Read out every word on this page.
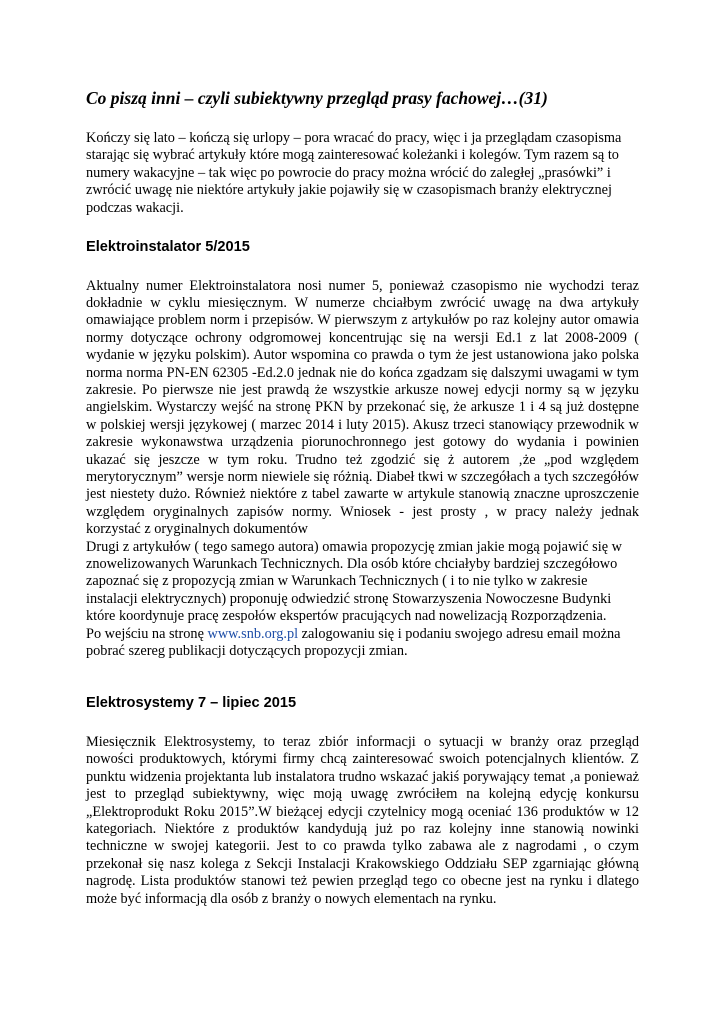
Co piszą inni – czyli subiektywny przegląd prasy fachowej…(31)

Kończy się lato – kończą się urlopy – pora wracać do pracy, więc i ja przeglądam czasopisma starając się wybrać artykuły które mogą zainteresować koleżanki i kolegów. Tym razem są to numery wakacyjne – tak więc po powrocie do pracy można wrócić do zaległej „prasówki” i zwrócić uwagę nie niektóre artykuły jakie pojawiły się w czasopismach branży elektrycznej podczas wakacji.

Elektroinstalator 5/2015

Aktualny numer Elektroinstalatora nosi numer 5, ponieważ czasopismo nie wychodzi teraz dokładnie w cyklu miesięcznym. W numerze chciałbym zwrócić uwagę na dwa artykuły omawiające problem norm i przepisów. W pierwszym z artykułów po raz kolejny autor omawia normy dotyczące ochrony odgromowej koncentrując się na wersji Ed.1 z lat 2008-2009 ( wydanie w języku polskim). Autor wspomina co prawda o tym że jest ustanowiona jako polska norma norma PN-EN 62305 -Ed.2.0 jednak nie do końca zgadzam się dalszymi uwagami w tym zakresie. Po pierwsze nie jest prawdą że wszystkie arkusze nowej edycji normy są w języku angielskim. Wystarczy wejść na stronę PKN by przekonać się, że arkusze 1 i 4 są już dostępne w polskiej wersji językowej ( marzec 2014 i luty 2015). Akusz trzeci stanowiący przewodnik w zakresie wykonawstwa urządzenia piorunochronnego jest gotowy do wydania i powinien ukazać się jeszcze w tym roku. Trudno też zgodzić się ż autorem ‚że „pod względem merytorycznym” wersje norm niewiele się różnią. Diabeł tkwi w szczegółach a tych szczegółów jest niestety dużo. Również niektóre z tabel zawarte w artykule stanowią znaczne uproszczenie względem oryginalnych zapisów normy. Wniosek - jest prosty , w pracy należy jednak korzystać z oryginalnych dokumentów

Drugi z artykułów ( tego samego autora) omawia propozycję zmian jakie mogą pojawić się w znowelizowanych Warunkach Technicznych. Dla osób które chciałyby bardziej szczegółowo zapoznać się z propozycją zmian w Warunkach Technicznych ( i to nie tylko w zakresie instalacji elektrycznych) proponuję odwiedzić stronę Stowarzyszenia Nowoczesne Budynki które koordynuje pracę zespołów ekspertów pracujących nad nowelizacją Rozporządzenia.

Po wejściu na stronę www.snb.org.pl zalogowaniu się i podaniu swojego adresu email można pobrać szereg publikacji dotyczących propozycji zmian.

Elektrosystemy 7 – lipiec 2015

Miesięcznik Elektrosystemy, to teraz zbiór informacji o sytuacji w branży oraz przegląd nowości produktowych, którymi firmy chcą zainteresować swoich potencjalnych klientów. Z punktu widzenia projektanta lub instalatora trudno wskazać jakiś porywający temat ‚a ponieważ jest to przegląd subiektywny, więc moją uwagę zwróciłem na kolejną edycję konkursu „Elektroprodukt Roku 2015”.W bieżącej edycji czytelnicy mogą oceniać 136 produktów w 12 kategoriach. Niektóre z produktów kandydują już po raz kolejny inne stanowią nowinki techniczne w swojej kategorii. Jest to co prawda tylko zabawa ale z nagrodami , o czym przekonał się nasz kolega z Sekcji Instalacji Krakowskiego Oddziału SEP zgarniając główną nagrodę. Lista produktów stanowi też pewien przegląd tego co obecne jest na rynku i dlatego może być informacją dla osób z branży o nowych elementach na rynku.
